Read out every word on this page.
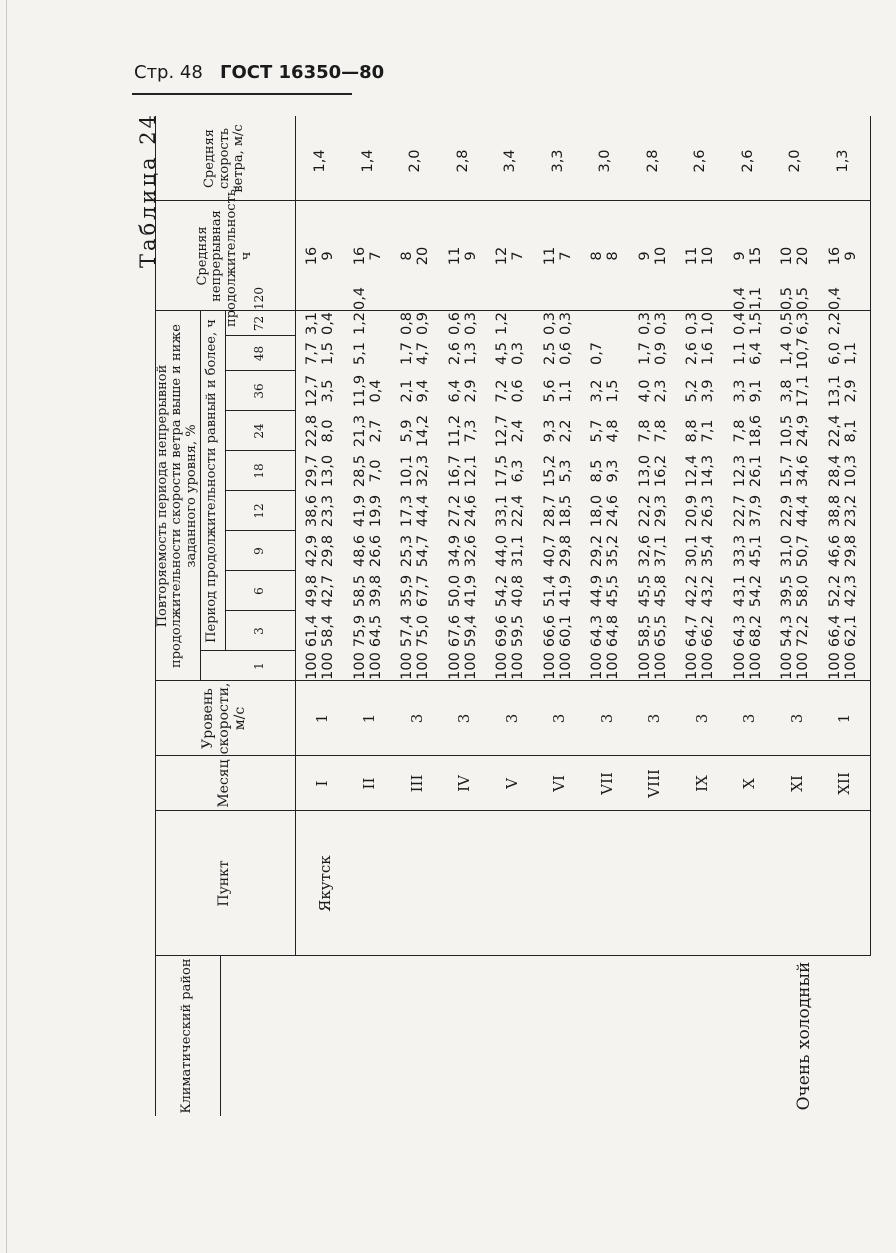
Стр. 48 ГОСТ 16350—80
Таблица 24
Климатический район
Пункт
Месяц
Уровень скорости, м/с
Повторяемость периода непрерывной продолжительности скорости ветра выше и ниже заданного уровня, % Период продолжительности равный и более, ч
Средняя непрерывная продолжительность, ч
Средняя скорость ветра, м/с
1
3
6
9
12
18
24
36
48
72
120
Очень холодный
Якутск
I
1
100 100
61,4 58,4
49,8 42,7
42,9 29,8
38,6 23,3
29,7 13,0
22,8 8,0
12,7 3,5
7,7 1,5
3,1 0,4
16 9
1,4
II
1
100 100
75,9 64,5
58,5 39,8
48,6 26,6
41,9 19,9
28,5 7,0
21,3 2,7
11,9 0,4
5,1
1,2
0,4
16 7
1,4
III
3
100 100
57,4 75,0
35,9 67,7
25,3 54,7
17,3 44,4
10,1 32,3
5,9 14,2
2,1 9,4
1,7 4,7
0,8 0,9
8 20
2,0
IV
3
100 100
67,6 59,4
50,0 41,9
34,9 32,6
27,2 24,6
16,7 12,1
11,2 7,3
6,4 2,9
2,6 1,3
0,6 0,3
11 9
2,8
V
3
100 100
69,6 59,5
54,2 40,8
44,0 31,1
33,1 22,4
17,5 6,3
12,7 2,4
7,2 0,6
4,5 0,3
1,2
12 7
3,4
VI
3
100 100
66,6 60,1
51,4 41,9
40,7 29,8
28,7 18,5
15,2 5,3
9,3 2,2
5,6 1,1
2,5 0,6
0,3 0,3
11 7
3,3
VII
3
100 100
64,3 64,8
44,9 45,5
29,2 35,2
18,0 24,6
8,5 9,3
5,7 4,8
3,2 1,5
0,7
8 8
3,0
VIII
3
100 100
58,5 65,5
45,5 45,8
32,6 37,1
22,2 29,3
13,0 16,2
7,8 7,8
4,0 2,3
1,7 0,9
0,3 0,3
9 10
2,8
IX
3
100 100
64,7 66,2
42,2 43,2
30,1 35,4
20,9 26,3
12,4 14,3
8,8 7,1
5,2 3,9
2,6 1,6
0,3 1,0
11 10
2,6
X
3
100 100
64,3 68,2
43,1 54,2
33,3 45,1
22,7 37,9
12,3 26,1
7,8 18,6
3,3 9,1
1,1 6,4
0,4 1,5
0,4 1,1
9 15
2,6
XI
3
100 100
54,3 72,2
39,5 58,0
31,0 50,7
22,9 44,4
15,7 34,6
10,5 24,9
3,8 17,1
1,4 10,7
0,5 6,3
0,5 0,5
10 20
2,0
XII
1
100 100
66,4 62,1
52,2 42,3
46,6 29,8
38,8 23,2
28,4 10,3
22,4 8,1
13,1 2,9
6,0 1,1
2,2
0,4
16 9
1,3
